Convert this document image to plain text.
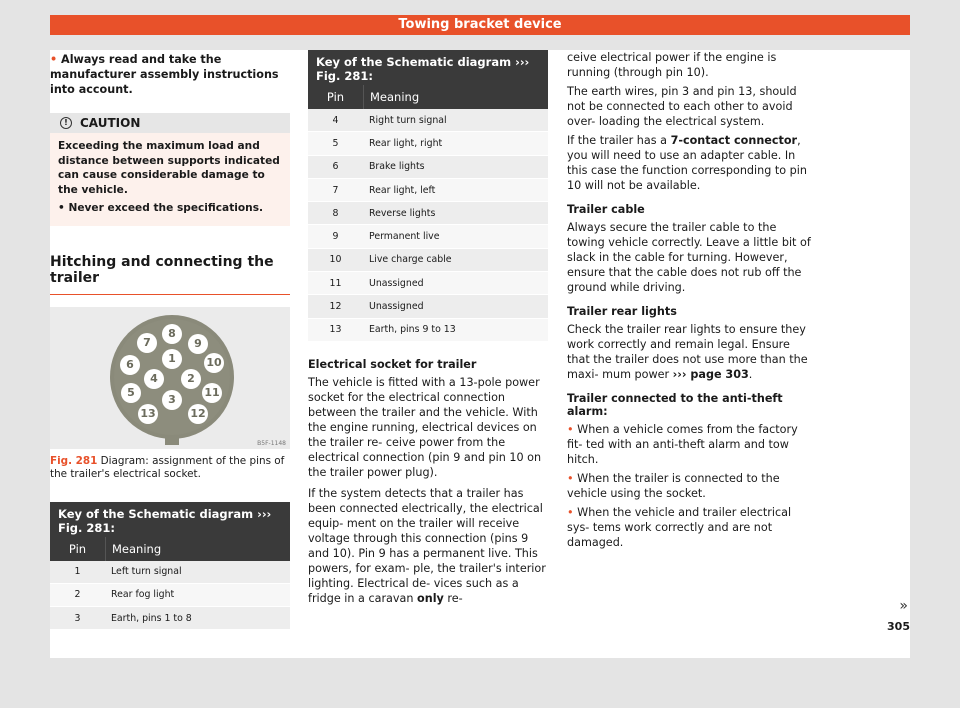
Towing bracket device
• Always read and take the manufacturer assembly instructions into account.
!	CAUTION
Exceeding the maximum load and distance between supports indicated can cause considerable damage to the vehicle.
• Never exceed the specifications.
Hitching and connecting the trailer
1
2
3
4
5
6
7
8
9
10
11
12
13
B5F-1148
Fig. 281 Diagram: assignment of the pins of the trailer's electrical socket.
Key of the Schematic diagram ››› Fig. 281:
Pin	Meaning
1	Left turn signal
2	Rear fog light
3	Earth, pins 1 to 8
Key of the Schematic diagram ››› Fig. 281:
Pin	Meaning
4	Right turn signal
5	Rear light, right
6	Brake lights
7	Rear light, left
8	Reverse lights
9	Permanent live
10	Live charge cable
11	Unassigned
12	Unassigned
13	Earth, pins 9 to 13
Electrical socket for trailer
The vehicle is fitted with a 13-pole power socket for the electrical connection between the trailer and the vehicle. With the engine running, electrical devices on the trailer re- ceive power from the electrical connection (pin 9 and pin 10 on the trailer power plug).
If the system detects that a trailer has been connected electrically, the electrical equip- ment on the trailer will receive voltage through this connection (pins 9 and 10). Pin 9 has a permanent live. This powers, for exam- ple, the trailer's interior lighting. Electrical de- vices such as a fridge in a caravan only re-
ceive electrical power if the engine is running (through pin 10).
The earth wires, pin 3 and pin 13, should not be connected to each other to avoid over- loading the electrical system.
If the trailer has a 7-contact connector, you will need to use an adapter cable. In this case the function corresponding to pin 10 will not be available.
Trailer cable
Always secure the trailer cable to the towing vehicle correctly. Leave a little bit of slack in the cable for turning. However, ensure that the cable does not rub off the ground while driving.
Trailer rear lights
Check the trailer rear lights to ensure they work correctly and remain legal. Ensure that the trailer does not use more than the maxi- mum power ››› page 303.
Trailer connected to the anti-theft alarm:
• When a vehicle comes from the factory fit- ted with an anti-theft alarm and tow hitch.
• When the trailer is connected to the vehicle using the socket.
• When the vehicle and trailer electrical sys- tems work correctly and are not damaged.
»
305
